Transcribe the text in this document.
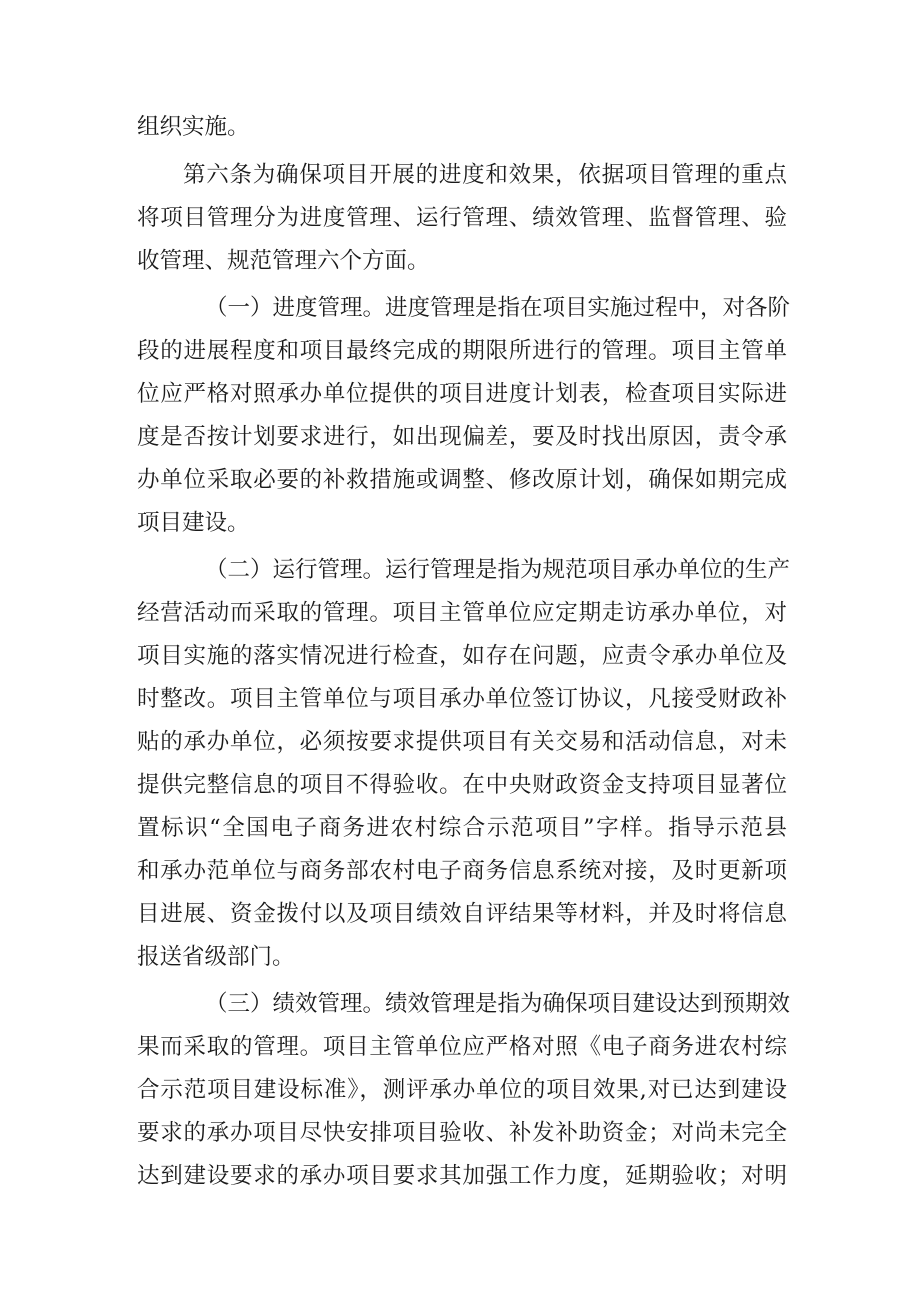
组织实施。
第六条为确保项目开展的进度和效果，依据项目管理的重点
将项目管理分为进度管理、运行管理、绩效管理、监督管理、验
收管理、规范管理六个方面。
（一）进度管理。进度管理是指在项目实施过程中，对各阶
段的进展程度和项目最终完成的期限所进行的管理。项目主管单
位应严格对照承办单位提供的项目进度计划表，检查项目实际进
度是否按计划要求进行，如出现偏差，要及时找出原因，责令承
办单位采取必要的补救措施或调整、修改原计划，确保如期完成
项目建设。
（二）运行管理。运行管理是指为规范项目承办单位的生产
经营活动而采取的管理。项目主管单位应定期走访承办单位，对
项目实施的落实情况进行检查，如存在问题，应责令承办单位及
时整改。项目主管单位与项目承办单位签订协议，凡接受财政补
贴的承办单位，必须按要求提供项目有关交易和活动信息，对未
提供完整信息的项目不得验收。在中央财政资金支持项目显著位
置标识“全国电子商务进农村综合示范项目”字样。指导示范县
和承办范单位与商务部农村电子商务信息系统对接，及时更新项
目进展、资金拨付以及项目绩效自评结果等材料，并及时将信息
报送省级部门。
（三）绩效管理。绩效管理是指为确保项目建设达到预期效
果而采取的管理。项目主管单位应严格对照《电子商务进农村综
合示范项目建设标准》，测评承办单位的项目效果,对已达到建设
要求的承办项目尽快安排项目验收、补发补助资金；对尚未完全
达到建设要求的承办项目要求其加强工作力度，延期验收；对明
